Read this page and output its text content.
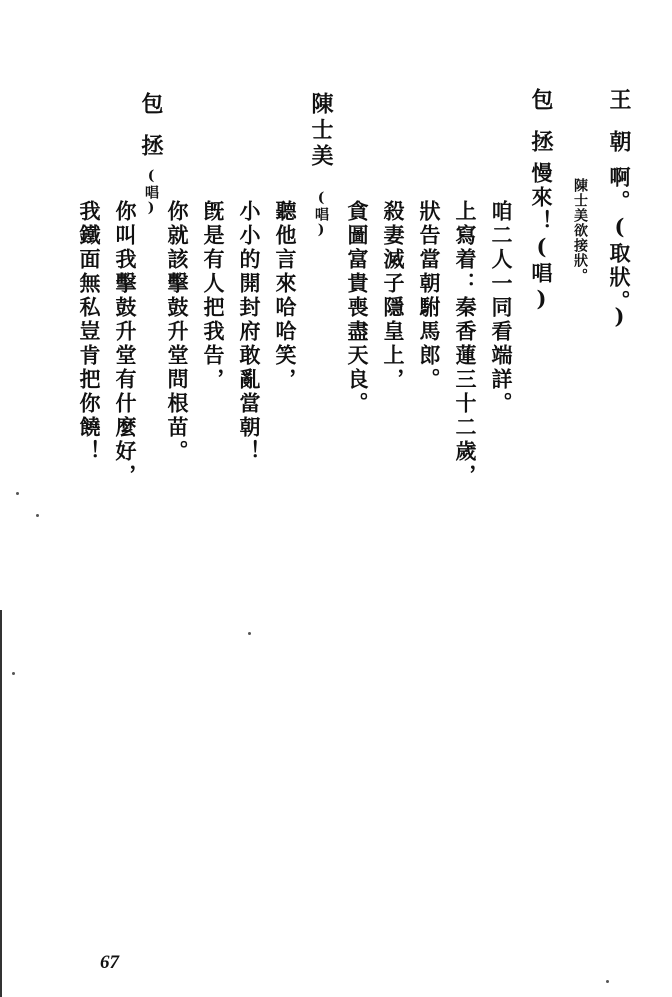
王朝啊。(取狀。)
陳士美欲接狀。
包拯慢來！(唱)
咱二人一同看端詳。
上寫着：秦香蓮三十二歲，
狀告當朝駙馬郎。
殺妻滅子隱皇上，
貪圖富貴喪盡天良。
陳士美(唱)
聽他言來哈哈笑，
小小的開封府敢亂當朝！
旣是有人把我告，
你就該擊鼓升堂問根苗。
包拯(唱)
你叫我擊鼓升堂有什麼好，
我鐵面無私豈肯把你饒！
67
